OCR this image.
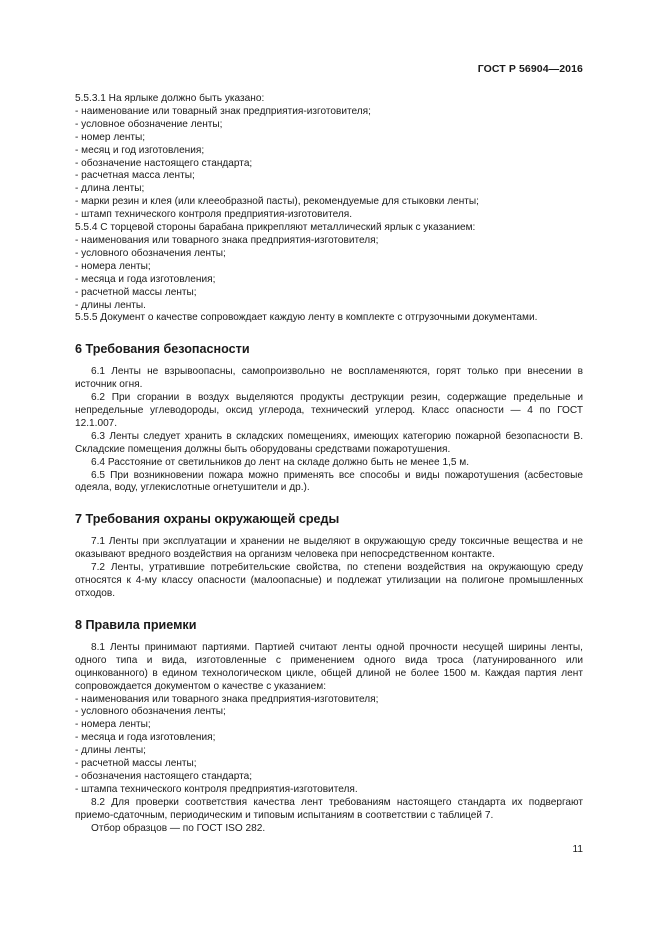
ГОСТ Р 56904—2016

5.5.3.1 На ярлыке должно быть указано:

- наименование или товарный знак предприятия-изготовителя;

- условное обозначение ленты;

- номер ленты;

- месяц и год изготовления;

- обозначение настоящего стандарта;

- расчетная масса ленты;

- длина ленты;

- марки резин и клея (или клееобразной пасты), рекомендуемые для стыковки ленты;

- штамп технического контроля предприятия-изготовителя.

5.5.4 С торцевой стороны барабана прикрепляют металлический ярлык с указанием:

- наименования или товарного знака предприятия-изготовителя;

- условного обозначения ленты;

- номера ленты;

- месяца и года изготовления;

- расчетной массы ленты;

- длины ленты.

5.5.5 Документ о качестве сопровождает каждую ленту в комплекте с отгрузочными документами.

6 Требования безопасности

6.1 Ленты не взрывоопасны, самопроизвольно не воспламеняются, горят только при внесении в источник огня.

6.2 При сгорании в воздух выделяются продукты деструкции резин, содержащие предельные и непредельные углеводороды, оксид углерода, технический углерод. Класс опасности — 4 по ГОСТ 12.1.007.

6.3 Ленты следует хранить в складских помещениях, имеющих категорию пожарной безопасности В. Складские помещения должны быть оборудованы средствами пожаротушения.

6.4 Расстояние от светильников до лент на складе должно быть не менее 1,5 м.

6.5 При возникновении пожара можно применять все способы и виды пожаротушения (асбестовые одеяла, воду, углекислотные огнетушители и др.).

7 Требования охраны окружающей среды

7.1 Ленты при эксплуатации и хранении не выделяют в окружающую среду токсичные вещества и не оказывают вредного воздействия на организм человека при непосредственном контакте.

7.2 Ленты, утратившие потребительские свойства, по степени воздействия на окружающую среду относятся к 4-му классу опасности (малоопасные) и подлежат утилизации на полигоне промышленных отходов.

8 Правила приемки

8.1 Ленты принимают партиями. Партией считают ленты одной прочности несущей ширины ленты, одного типа и вида, изготовленные с применением одного вида троса (латунированного или оцинкованного) в едином технологическом цикле, общей длиной не более 1500 м. Каждая партия лент сопровождается документом о качестве с указанием:

- наименования или товарного знака предприятия-изготовителя;

- условного обозначения ленты;

- номера ленты;

- месяца и года изготовления;

- длины ленты;

- расчетной массы ленты;

- обозначения настоящего стандарта;

- штампа технического контроля предприятия-изготовителя.

8.2 Для проверки соответствия качества лент требованиям настоящего стандарта их подвергают приемо-сдаточным, периодическим и типовым испытаниям в соответствии с таблицей 7.

Отбор образцов — по ГОСТ ISO 282.

11
